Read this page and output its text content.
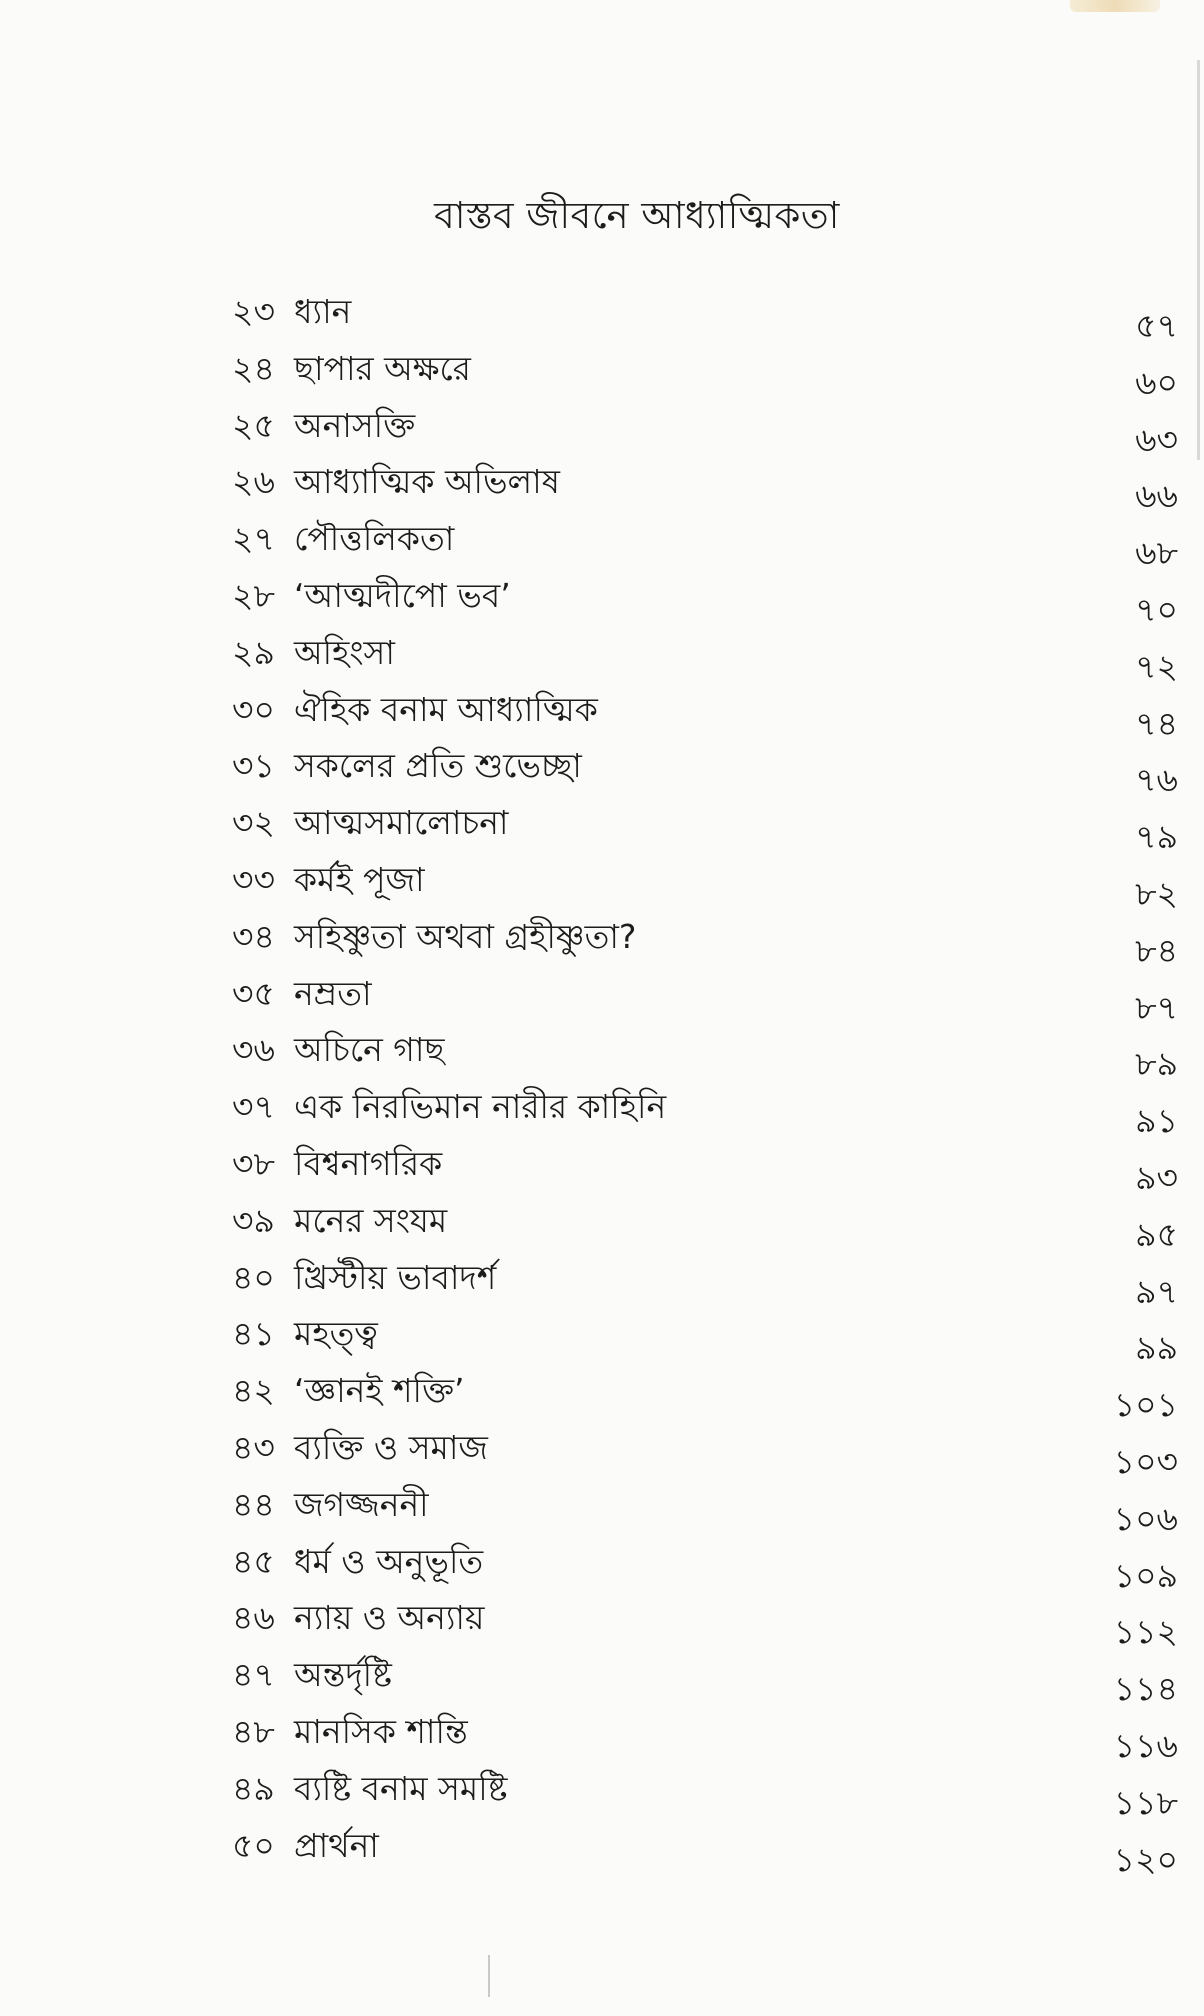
বাস্তব জীবনে আধ্যাত্মিকতা
২৩ ধ্যান	৫৭
২৪ ছাপার অক্ষরে	৬০
২৫ অনাসক্তি	৬৩
২৬ আধ্যাত্মিক অভিলাষ	৬৬
২৭ পৌত্তলিকতা	৬৮
২৮ ‘আত্মদীপো ভব’	৭০
২৯ অহিংসা	৭২
৩০ ঐহিক বনাম আধ্যাত্মিক	৭৪
৩১ সকলের প্রতি শুভেচ্ছা	৭৬
৩২ আত্মসমালোচনা	৭৯
৩৩ কর্মই পূজা	৮২
৩৪ সহিষ্ণুতা অথবা গ্রহীষ্ণুতা?	৮৪
৩৫ নম্রতা	৮৭
৩৬ অচিনে গাছ	৮৯
৩৭ এক নিরভিমান নারীর কাহিনি	৯১
৩৮ বিশ্বনাগরিক	৯৩
৩৯ মনের সংযম	৯৫
৪০ খ্রিস্টীয় ভাবাদর্শ	৯৭
৪১ মহত্ত্ব	৯৯
৪২ ‘জ্ঞানই শক্তি’	১০১
৪৩ ব্যক্তি ও সমাজ	১০৩
৪৪ জগজ্জননী	১০৬
৪৫ ধর্ম ও অনুভূতি	১০৯
৪৬ ন্যায় ও অন্যায়	১১২
৪৭ অন্তর্দৃষ্টি	১১৪
৪৮ মানসিক শান্তি	১১৬
৪৯ ব্যষ্টি বনাম সমষ্টি	১১৮
৫০ প্রার্থনা	১২০
